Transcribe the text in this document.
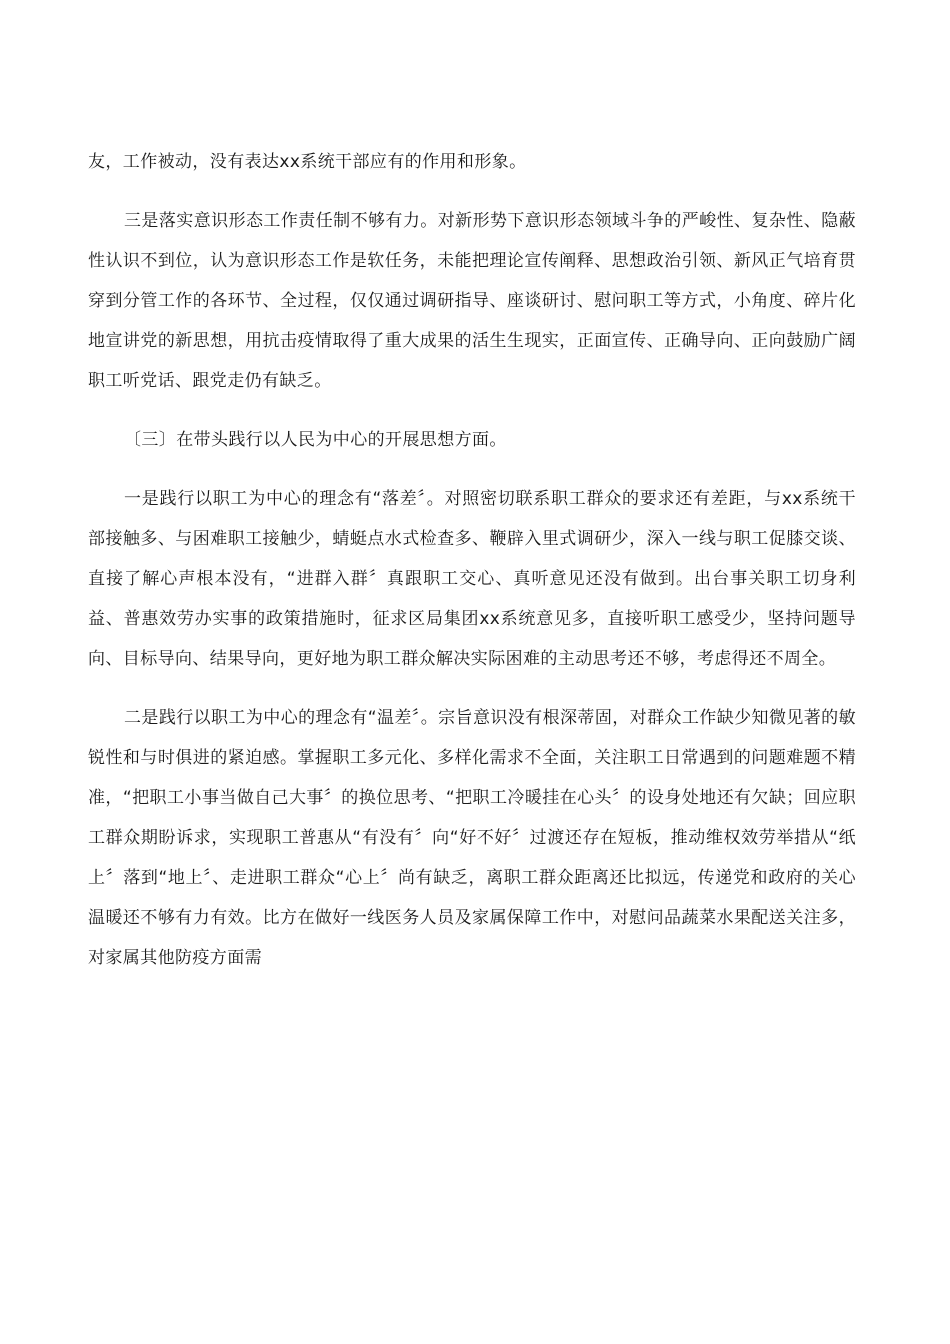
友，工作被动，没有表达xx系统干部应有的作用和形象。

三是落实意识形态工作责任制不够有力。对新形势下意识形态领域斗争的严峻性、复杂性、隐蔽性认识不到位，认为意识形态工作是软任务，未能把理论宣传阐释、思想政治引领、新风正气培育贯穿到分管工作的各环节、全过程，仅仅通过调研指导、座谈研讨、慰问职工等方式，小角度、碎片化地宣讲党的新思想，用抗击疫情取得了重大成果的活生生现实，正面宣传、正确导向、正向鼓励广阔职工听党话、跟党走仍有缺乏。

〔三〕在带头践行以人民为中心的开展思想方面。

一是践行以职工为中心的理念有“落差〞。对照密切联系职工群众的要求还有差距，与xx系统干部接触多、与困难职工接触少，蜻蜓点水式检查多、鞭辟入里式调研少，深入一线与职工促膝交谈、直接了解心声根本没有，“进群入群〞真跟职工交心、真听意见还没有做到。出台事关职工切身利益、普惠效劳办实事的政策措施时，征求区局集团xx系统意见多，直接听职工感受少，坚持问题导向、目标导向、结果导向，更好地为职工群众解决实际困难的主动思考还不够，考虑得还不周全。

二是践行以职工为中心的理念有“温差〞。宗旨意识没有根深蒂固，对群众工作缺少知微见著的敏锐性和与时俱进的紧迫感。掌握职工多元化、多样化需求不全面，关注职工日常遇到的问题难题不精准，“把职工小事当做自己大事〞的换位思考、“把职工冷暖挂在心头〞的设身处地还有欠缺；回应职工群众期盼诉求，实现职工普惠从“有没有〞向“好不好〞过渡还存在短板，推动维权效劳举措从“纸上〞落到“地上〞、走进职工群众“心上〞尚有缺乏，离职工群众距离还比拟远，传递党和政府的关心温暖还不够有力有效。比方在做好一线医务人员及家属保障工作中，对慰问品蔬菜水果配送关注多，对家属其他防疫方面需
